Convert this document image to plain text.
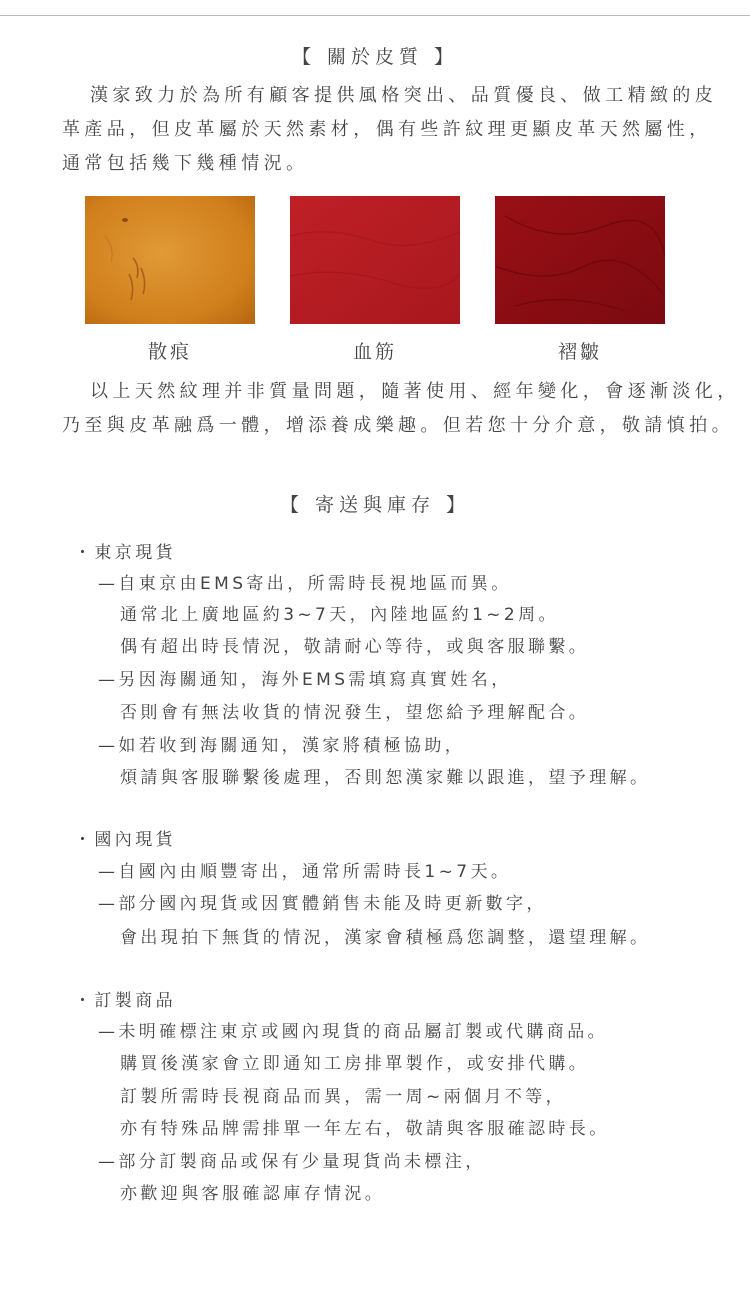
【 關於皮質 】

漢家致力於為所有顧客提供風格突出、品質優良、做工精緻的皮

革產品，但皮革屬於天然素材，偶有些許紋理更顯皮革天然屬性，

通常包括幾下幾種情況。

散痕	血筋	褶皺

以上天然紋理并非質量問題，隨著使用、經年變化，會逐漸淡化，

乃至與皮革融爲一體，增添養成樂趣。但若您十分介意，敬請慎拍。

【 寄送與庫存 】
・東京現貨
—自東京由EMS寄出，所需時長視地區而異。
通常北上廣地區約3~7天，內陸地區約1~2周。
偶有超出時長情況，敬請耐心等待，或與客服聯繫。
—另因海關通知，海外EMS需填寫真實姓名，
否則會有無法收貨的情況發生，望您給予理解配合。
—如若收到海關通知，漢家將積極協助，
煩請與客服聯繫後處理，否則恕漢家難以跟進，望予理解。
・國內現貨
—自國內由順豐寄出，通常所需時長1~7天。
—部分國內現貨或因實體銷售未能及時更新數字，
會出現拍下無貨的情況，漢家會積極爲您調整，還望理解。
・訂製商品
—未明確標注東京或國內現貨的商品屬訂製或代購商品。
購買後漢家會立即通知工房排單製作，或安排代購。
訂製所需時長視商品而異，需一周~兩個月不等，
亦有特殊品牌需排單一年左右，敬請與客服確認時長。
—部分訂製商品或保有少量現貨尚未標注，
亦歡迎與客服確認庫存情況。
